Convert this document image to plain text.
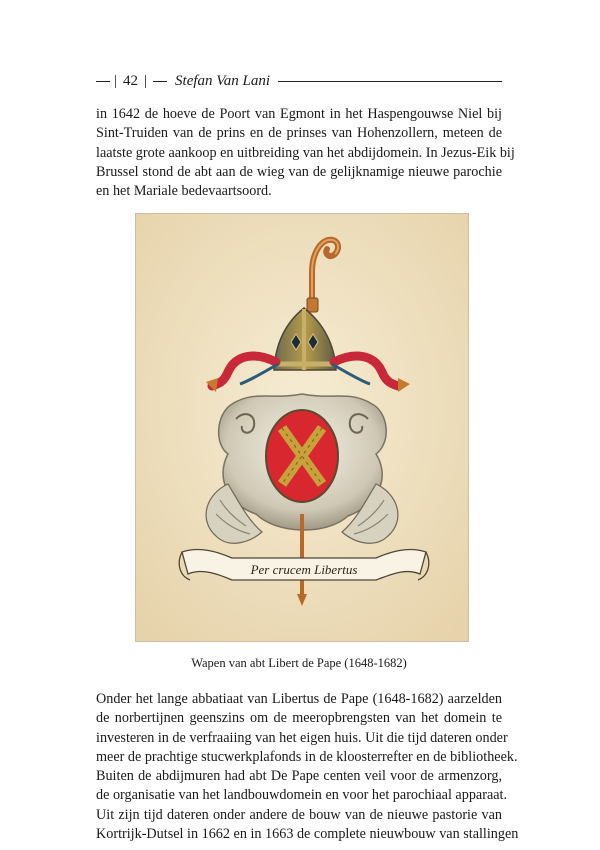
| 42 | Stefan Van Lani

in 1642 de hoeve de Poort van Egmont in het Haspengouwse Niel bij
Sint-Truiden van de prins en de prinses van Hohenzollern, meteen de
laatste grote aankoop en uitbreiding van het abdijdomein. In Jezus-Eik bij
Brussel stond de abt aan de wieg van de gelijknamige nieuwe parochie
en het Mariale bedevaartsoord.

Per crucem Libertus
Wapen van abt Libert de Pape (1648-1682)

Onder het lange abbatiaat van Libertus de Pape (1648-1682) aarzelden
de norbertijnen geenszins om de meeropbrengsten van het domein te
investeren in de verfraaiing van het eigen huis. Uit die tijd dateren onder
meer de prachtige stucwerkplafonds in de kloosterrefter en de bibliotheek.
Buiten de abdijmuren had abt De Pape centen veil voor de armenzorg,
de organisatie van het landbouwdomein en voor het parochiaal apparaat.
Uit zijn tijd dateren onder andere de bouw van de nieuwe pastorie van
Kortrijk-Dutsel in 1662 en in 1663 de complete nieuwbouw van stallingen
